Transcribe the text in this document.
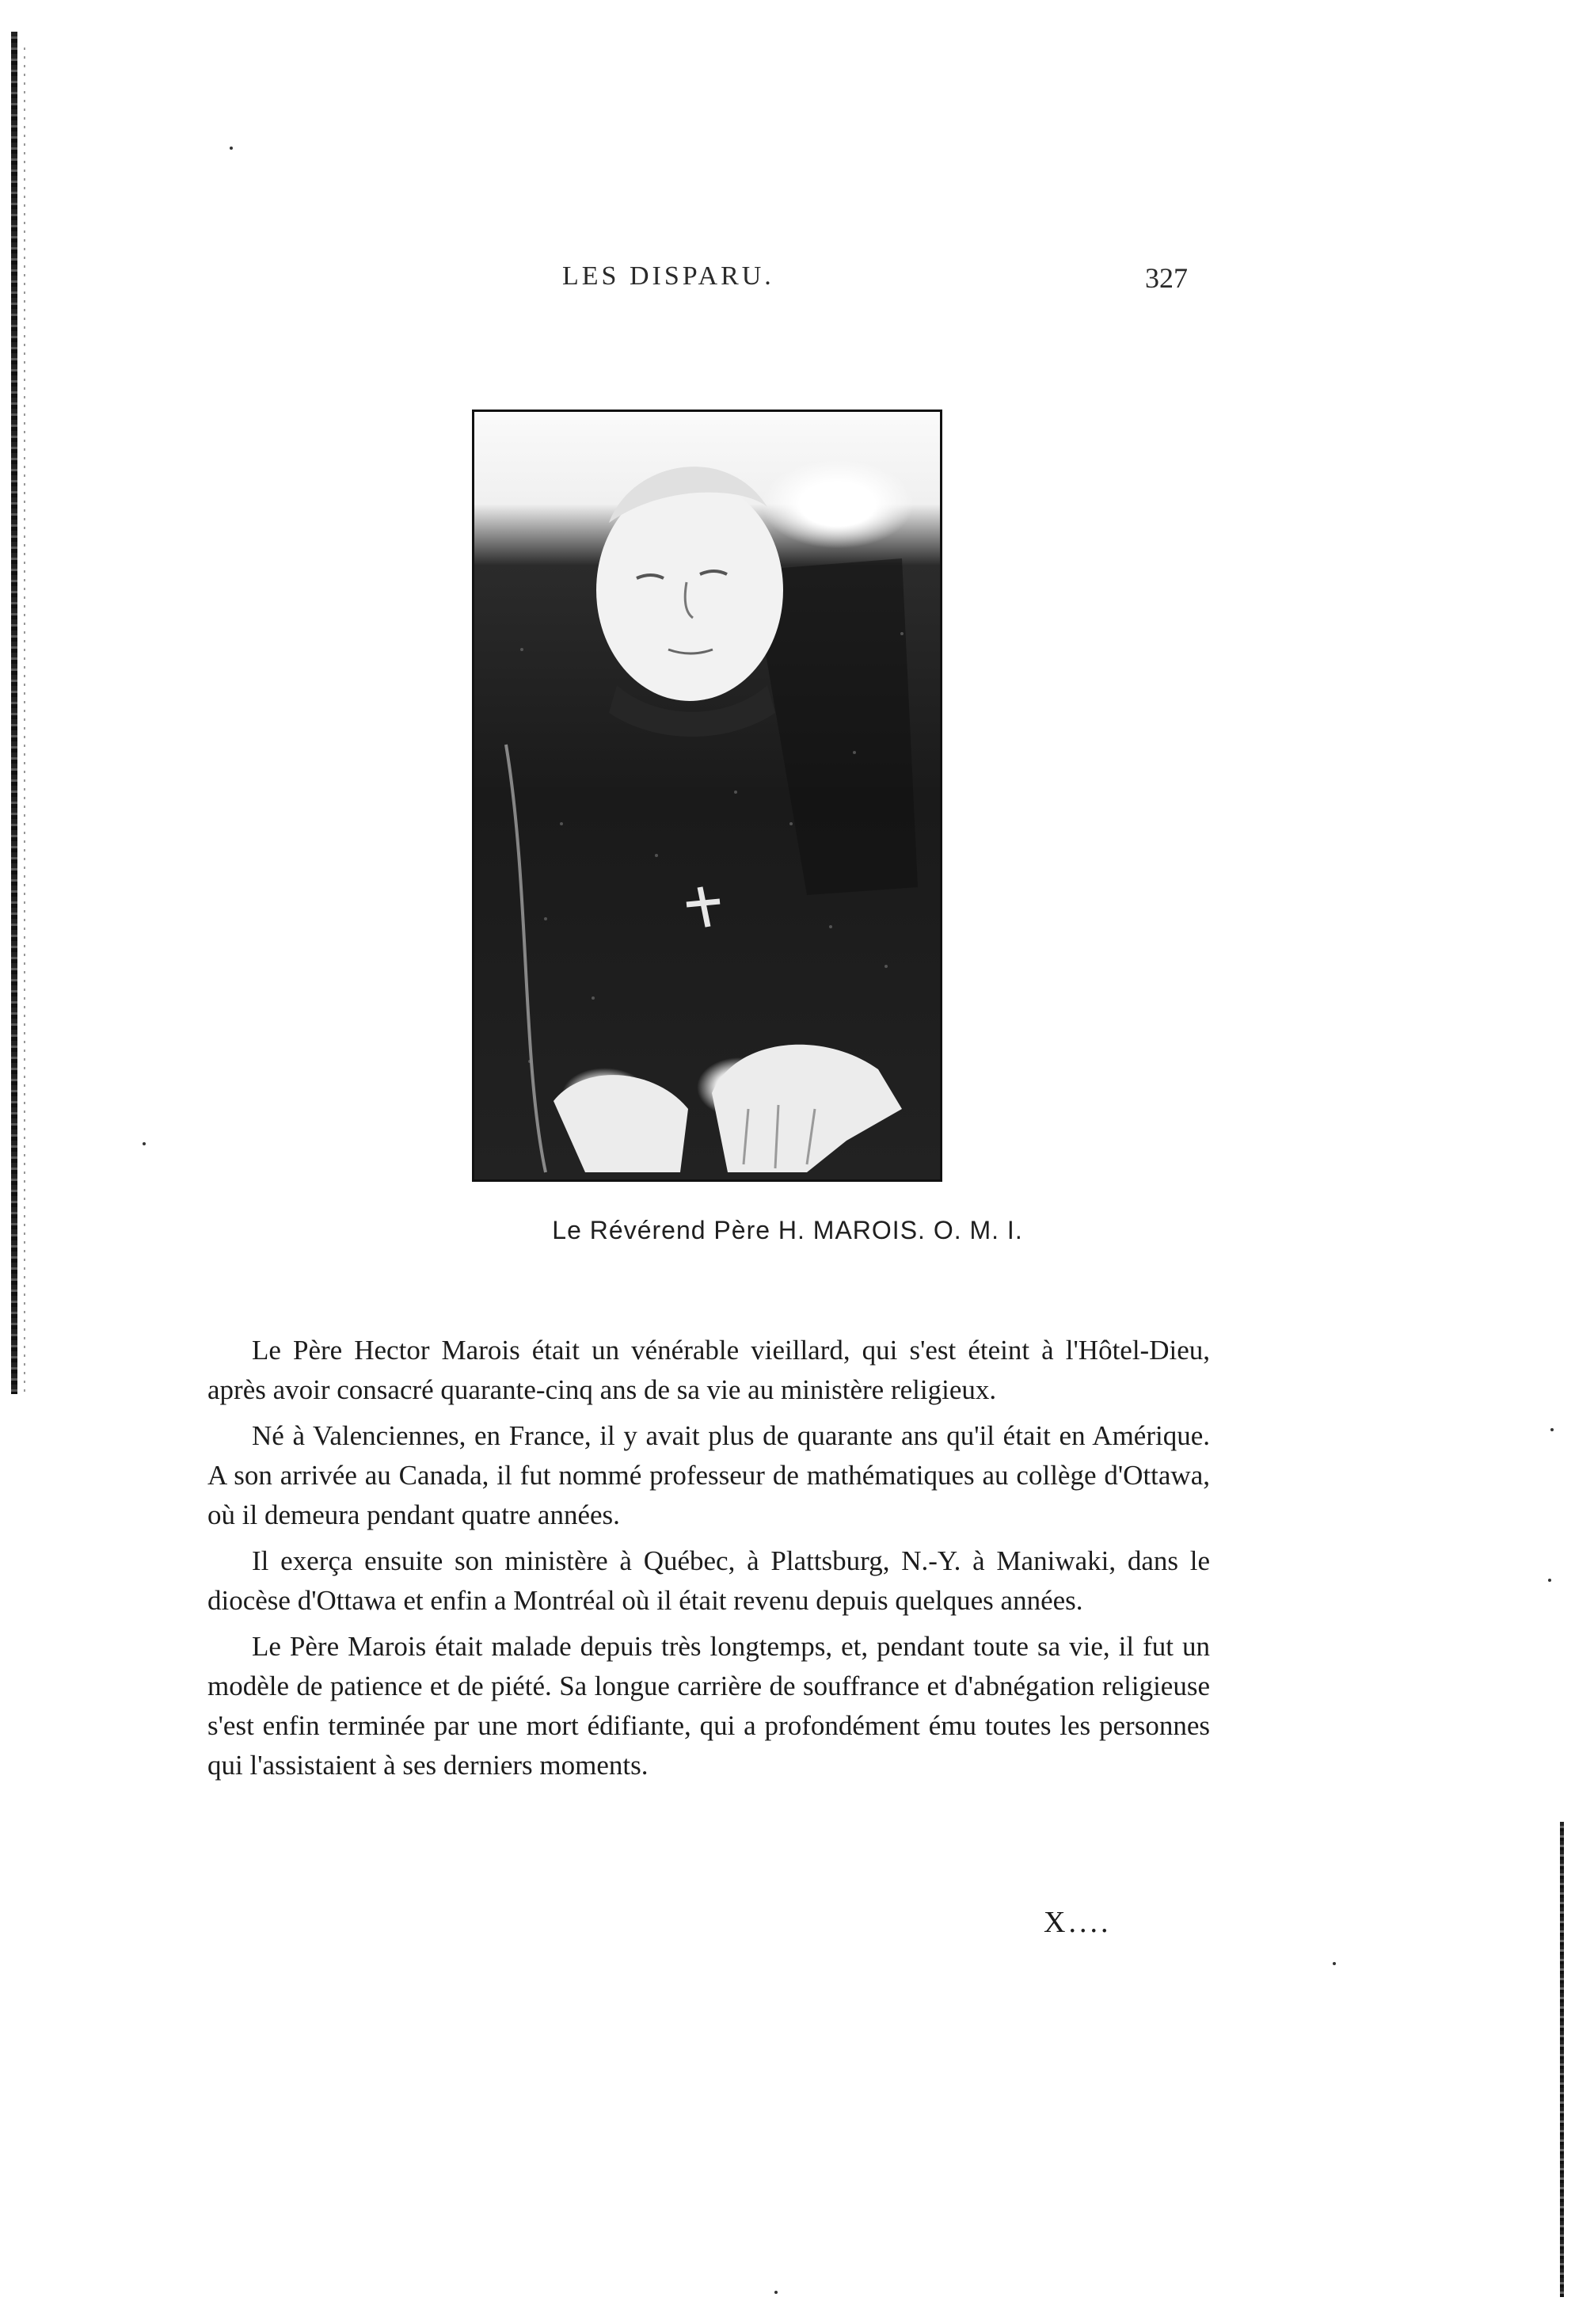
LES DISPARU.	327
Le Révérend Père H. MAROIS. O. M. I.

Le Père Hector Marois était un vénérable vieillard, qui s'est éteint à l'Hôtel-Dieu, après avoir consacré quarante-cinq ans de sa vie au ministère religieux.

Né à Valenciennes, en France, il y avait plus de quarante ans qu'il était en Amérique. A son arrivée au Canada, il fut nommé professeur de mathématiques au collège d'Ottawa, où il demeura pendant quatre années.

Il exerça ensuite son ministère à Québec, à Plattsburg, N.-Y. à Maniwaki, dans le diocèse d'Ottawa et enfin a Montréal où il était revenu depuis quelques années.

Le Père Marois était malade depuis très longtemps, et, pendant toute sa vie, il fut un modèle de patience et de piété. Sa longue carrière de souffrance et d'abnégation religieuse s'est enfin terminée par une mort édifiante, qui a profondément ému toutes les personnes qui l'assistaient à ses derniers moments.

X....
